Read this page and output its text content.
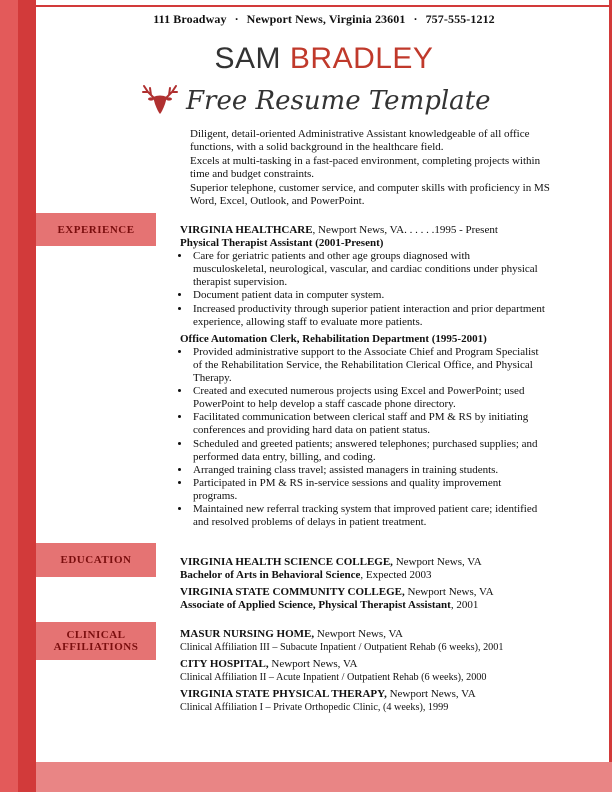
111 Broadway · Newport News, Virginia 23601 · 757-555-1212
SAM BRADLEY
Free Resume Template

Diligent, detail-oriented Administrative Assistant knowledgeable of all office functions, with a solid background in the healthcare field.

Excels at multi-tasking in a fast-paced environment, completing projects within time and budget constraints.

Superior telephone, customer service, and computer skills with proficiency in MS Word, Excel, Outlook, and PowerPoint.

EXPERIENCE	VIRGINIA HEALTHCARE, Newport News, VA. . . . . .1995 - Present

Physical Therapist Assistant (2001-Present)

• Care for geriatric patients and other age groups diagnosed with musculoskeletal, neurological, vascular, and cardiac conditions under physical therapist supervision.
• Document patient data in computer system.
• Increased productivity through superior patient interaction and prior department experience, allowing staff to evaluate more patients.

Office Automation Clerk, Rehabilitation Department (1995-2001)

• Provided administrative support to the Associate Chief and Program Specialist of the Rehabilitation Service, the Rehabilitation Clerical Office, and Physical Therapy.
• Created and executed numerous projects using Excel and PowerPoint; used PowerPoint to help develop a staff cascade phone directory.
• Facilitated communication between clerical staff and PM & RS by initiating conferences and providing hard data on patient status.
• Scheduled and greeted patients; answered telephones; purchased supplies; and performed data entry, billing, and coding.
• Arranged training class travel; assisted managers in training students.
• Participated in PM & RS in-service sessions and quality improvement programs.
• Maintained new referral tracking system that improved patient care; identified and resolved problems of delays in patient treatment.
EDUCATION	VIRGINIA HEALTH SCIENCE COLLEGE, Newport News, VA

Bachelor of Arts in Behavioral Science, Expected 2003

VIRGINIA STATE COMMUNITY COLLEGE, Newport News, VA

Associate of Applied Science, Physical Therapist Assistant, 2001

CLINICAL
AFFILIATIONS

MASUR NURSING HOME, Newport News, VA

Clinical Affiliation III – Subacute Inpatient / Outpatient Rehab (6 weeks), 2001

CITY HOSPITAL, Newport News, VA

Clinical Affiliation II – Acute Inpatient / Outpatient Rehab (6 weeks), 2000

VIRGINIA STATE PHYSICAL THERAPY, Newport News, VA

Clinical Affiliation I – Private Orthopedic Clinic, (4 weeks), 1999
